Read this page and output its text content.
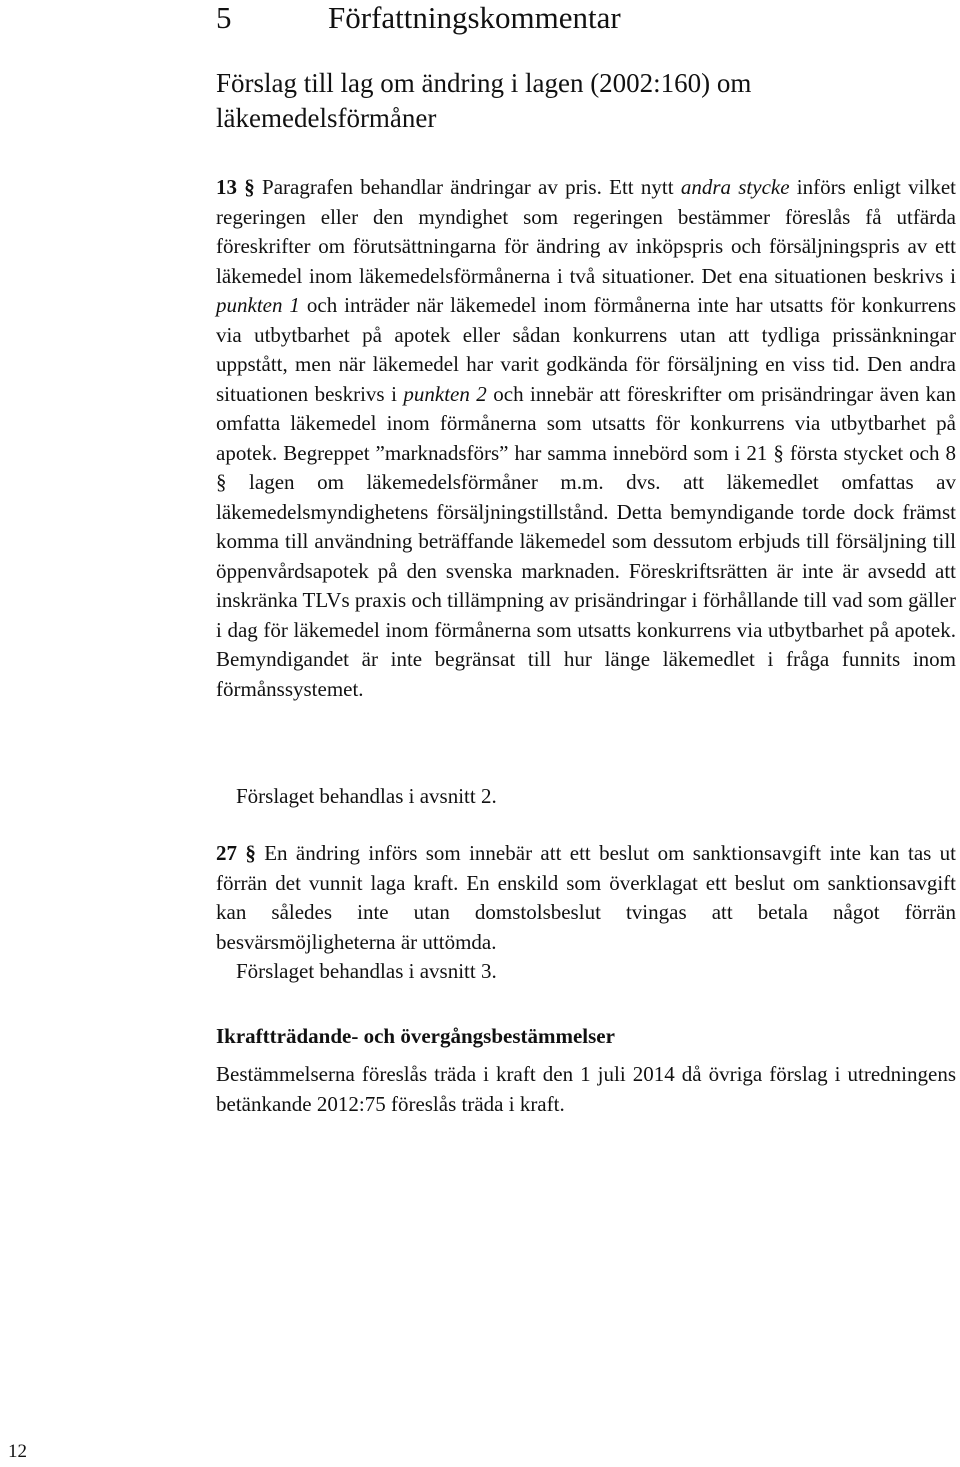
5	Författningskommentar
Förslag till lag om ändring i lagen (2002:160) om läkemedelsförmåner
13 § Paragrafen behandlar ändringar av pris. Ett nytt andra stycke införs enligt vilket regeringen eller den myndighet som regeringen bestämmer föreslås få utfärda föreskrifter om förutsättningarna för ändring av inköpspris och försäljningspris av ett läkemedel inom läkemedelsförmånerna i två situationer. Det ena situationen beskrivs i punkten 1 och inträder när läkemedel inom förmånerna inte har utsatts för konkurrens via utbytbarhet på apotek eller sådan konkurrens utan att tydliga prissänkningar uppstått, men när läkemedel har varit godkända för försäljning en viss tid. Den andra situationen beskrivs i punkten 2 och innebär att föreskrifter om prisändringar även kan omfatta läkemedel inom förmånerna som utsatts för konkurrens via utbytbarhet på apotek. Begreppet ”marknadsförs” har samma innebörd som i 21 § första stycket och 8 § lagen om läkemedelsförmåner m.m. dvs. att läkemedlet omfattas av läkemedelsmyndighetens försäljningstillstånd. Detta bemyndigande torde dock främst komma till användning beträffande läkemedel som dessutom erbjuds till försäljning till öppenvårdsapotek på den svenska marknaden. Föreskriftsrätten är inte är avsedd att inskränka TLVs praxis och tillämpning av prisändringar i förhållande till vad som gäller i dag för läkemedel inom förmånerna som utsatts konkurrens via utbytbarhet på apotek. Bemyndigandet är inte begränsat till hur länge läkemedlet i fråga funnits inom förmånssystemet.
Förslaget behandlas i avsnitt 2.
27 § En ändring införs som innebär att ett beslut om sanktionsavgift inte kan tas ut förrän det vunnit laga kraft. En enskild som överklagat ett beslut om sanktionsavgift kan således inte utan domstolsbeslut tvingas att betala något förrän besvärsmöjligheterna är uttömda.
Förslaget behandlas i avsnitt 3.
Ikraftträdande- och övergångsbestämmelser
Bestämmelserna föreslås träda i kraft den 1 juli 2014 då övriga förslag i utredningens betänkande 2012:75 föreslås träda i kraft.
12
